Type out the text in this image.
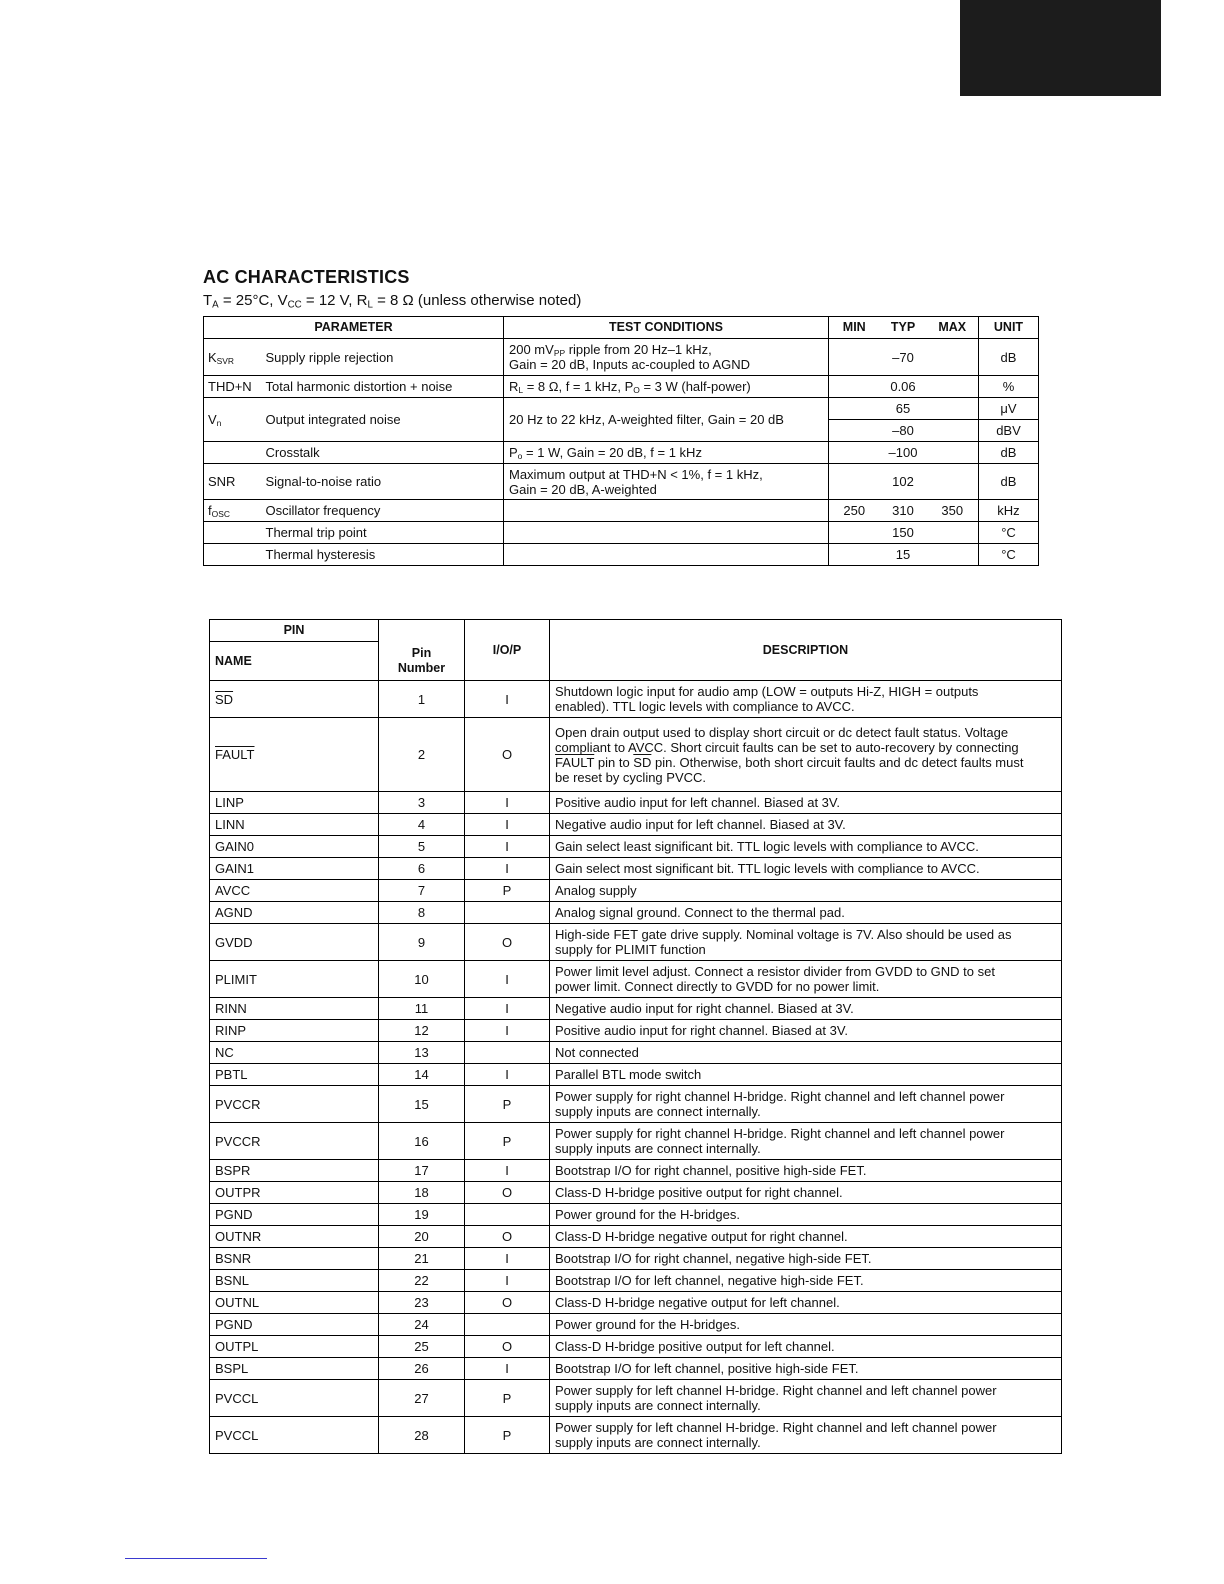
AC CHARACTERISTICS
$T_A = 25^\circ C$, $V_{CC} = 12$ V, $R_L = 8$ Ω (unless otherwise noted)
PARAMETER		TEST CONDITIONS	MIN	TYP	MAX	UNIT
$K_{SVR}$	Supply ripple rejection	200 $mV_{PP}$ ripple from 20 Hz–1 kHz,
Gain = 20 dB, Inputs ac-coupled to AGND		–70		dB
THD+N	Total harmonic distortion + noise	$R_L = 8$ Ω, f = 1 kHz, $P_O = 3$ W (half-power)		0.06		%
$V_n$	Output integrated noise	20 Hz to 22 kHz, A-weighted filter, Gain = 20 dB		65		μV
				–80		dBV
	Crosstalk	$P_o = 1$ W, Gain = 20 dB, f = 1 kHz		–100		dB
SNR	Signal-to-noise ratio	Maximum output at THD+N < 1%, f = 1 kHz,
Gain = 20 dB, A-weighted		102		dB
$f_{OSC}$	Oscillator frequency		250	310	350	kHz
	Thermal trip point			150		°C
	Thermal hysteresis			15		°C
PIN		I/O/P	DESCRIPTION
NAME	Pin
Number		
$\overline{SD}$	1	I	Shutdown logic input for audio amp (LOW = outputs Hi-Z, HIGH = outputs
enabled). TTL logic levels with compliance to AVCC.
FAULT	2	O	Open drain output used to display short circuit or dc detect fault status. Voltage
compliant to AVCC. Short circuit faults can be set to auto-recovery by connecting
FAULT pin to $\overline{SD}$ pin. Otherwise, both short circuit faults and dc detect faults must
be reset by cycling PVCC.
LINP	3	I	Positive audio input for left channel. Biased at 3V.
LINN	4	I	Negative audio input for left channel. Biased at 3V.
GAIN0	5	I	Gain select least significant bit. TTL logic levels with compliance to AVCC.
GAIN1	6	I	Gain select most significant bit. TTL logic levels with compliance to AVCC.
AVCC	7	P	Analog supply
AGND	8		Analog signal ground. Connect to the thermal pad.
GVDD	9	O	High-side FET gate drive supply. Nominal voltage is 7V. Also should be used as
supply for PLIMIT function
PLIMIT	10	I	Power limit level adjust. Connect a resistor divider from GVDD to GND to set
power limit. Connect directly to GVDD for no power limit.
RINN	11	I	Negative audio input for right channel. Biased at 3V.
RINP	12	I	Positive audio input for right channel. Biased at 3V.
NC	13		Not connected
PBTL	14	I	Parallel BTL mode switch
PVCCR	15	P	Power supply for right channel H-bridge. Right channel and left channel power
supply inputs are connect internally.
PVCCR	16	P	Power supply for right channel H-bridge. Right channel and left channel power
supply inputs are connect internally.
BSPR	17	I	Bootstrap I/O for right channel, positive high-side FET.
OUTPR	18	O	Class-D H-bridge positive output for right channel.
PGND	19		Power ground for the H-bridges.
OUTNR	20	O	Class-D H-bridge negative output for right channel.
BSNR	21	I	Bootstrap I/O for right channel, negative high-side FET.
BSNL	22	I	Bootstrap I/O for left channel, negative high-side FET.
OUTNL	23	O	Class-D H-bridge negative output for left channel.
PGND	24		Power ground for the H-bridges.
OUTPL	25	O	Class-D H-bridge positive output for left channel.
BSPL	26	I	Bootstrap I/O for left channel, positive high-side FET.
PVCCL	27	P	Power supply for left channel H-bridge. Right channel and left channel power
supply inputs are connect internally.
PVCCL	28	P	Power supply for left channel H-bridge. Right channel and left channel power
supply inputs are connect internally.
